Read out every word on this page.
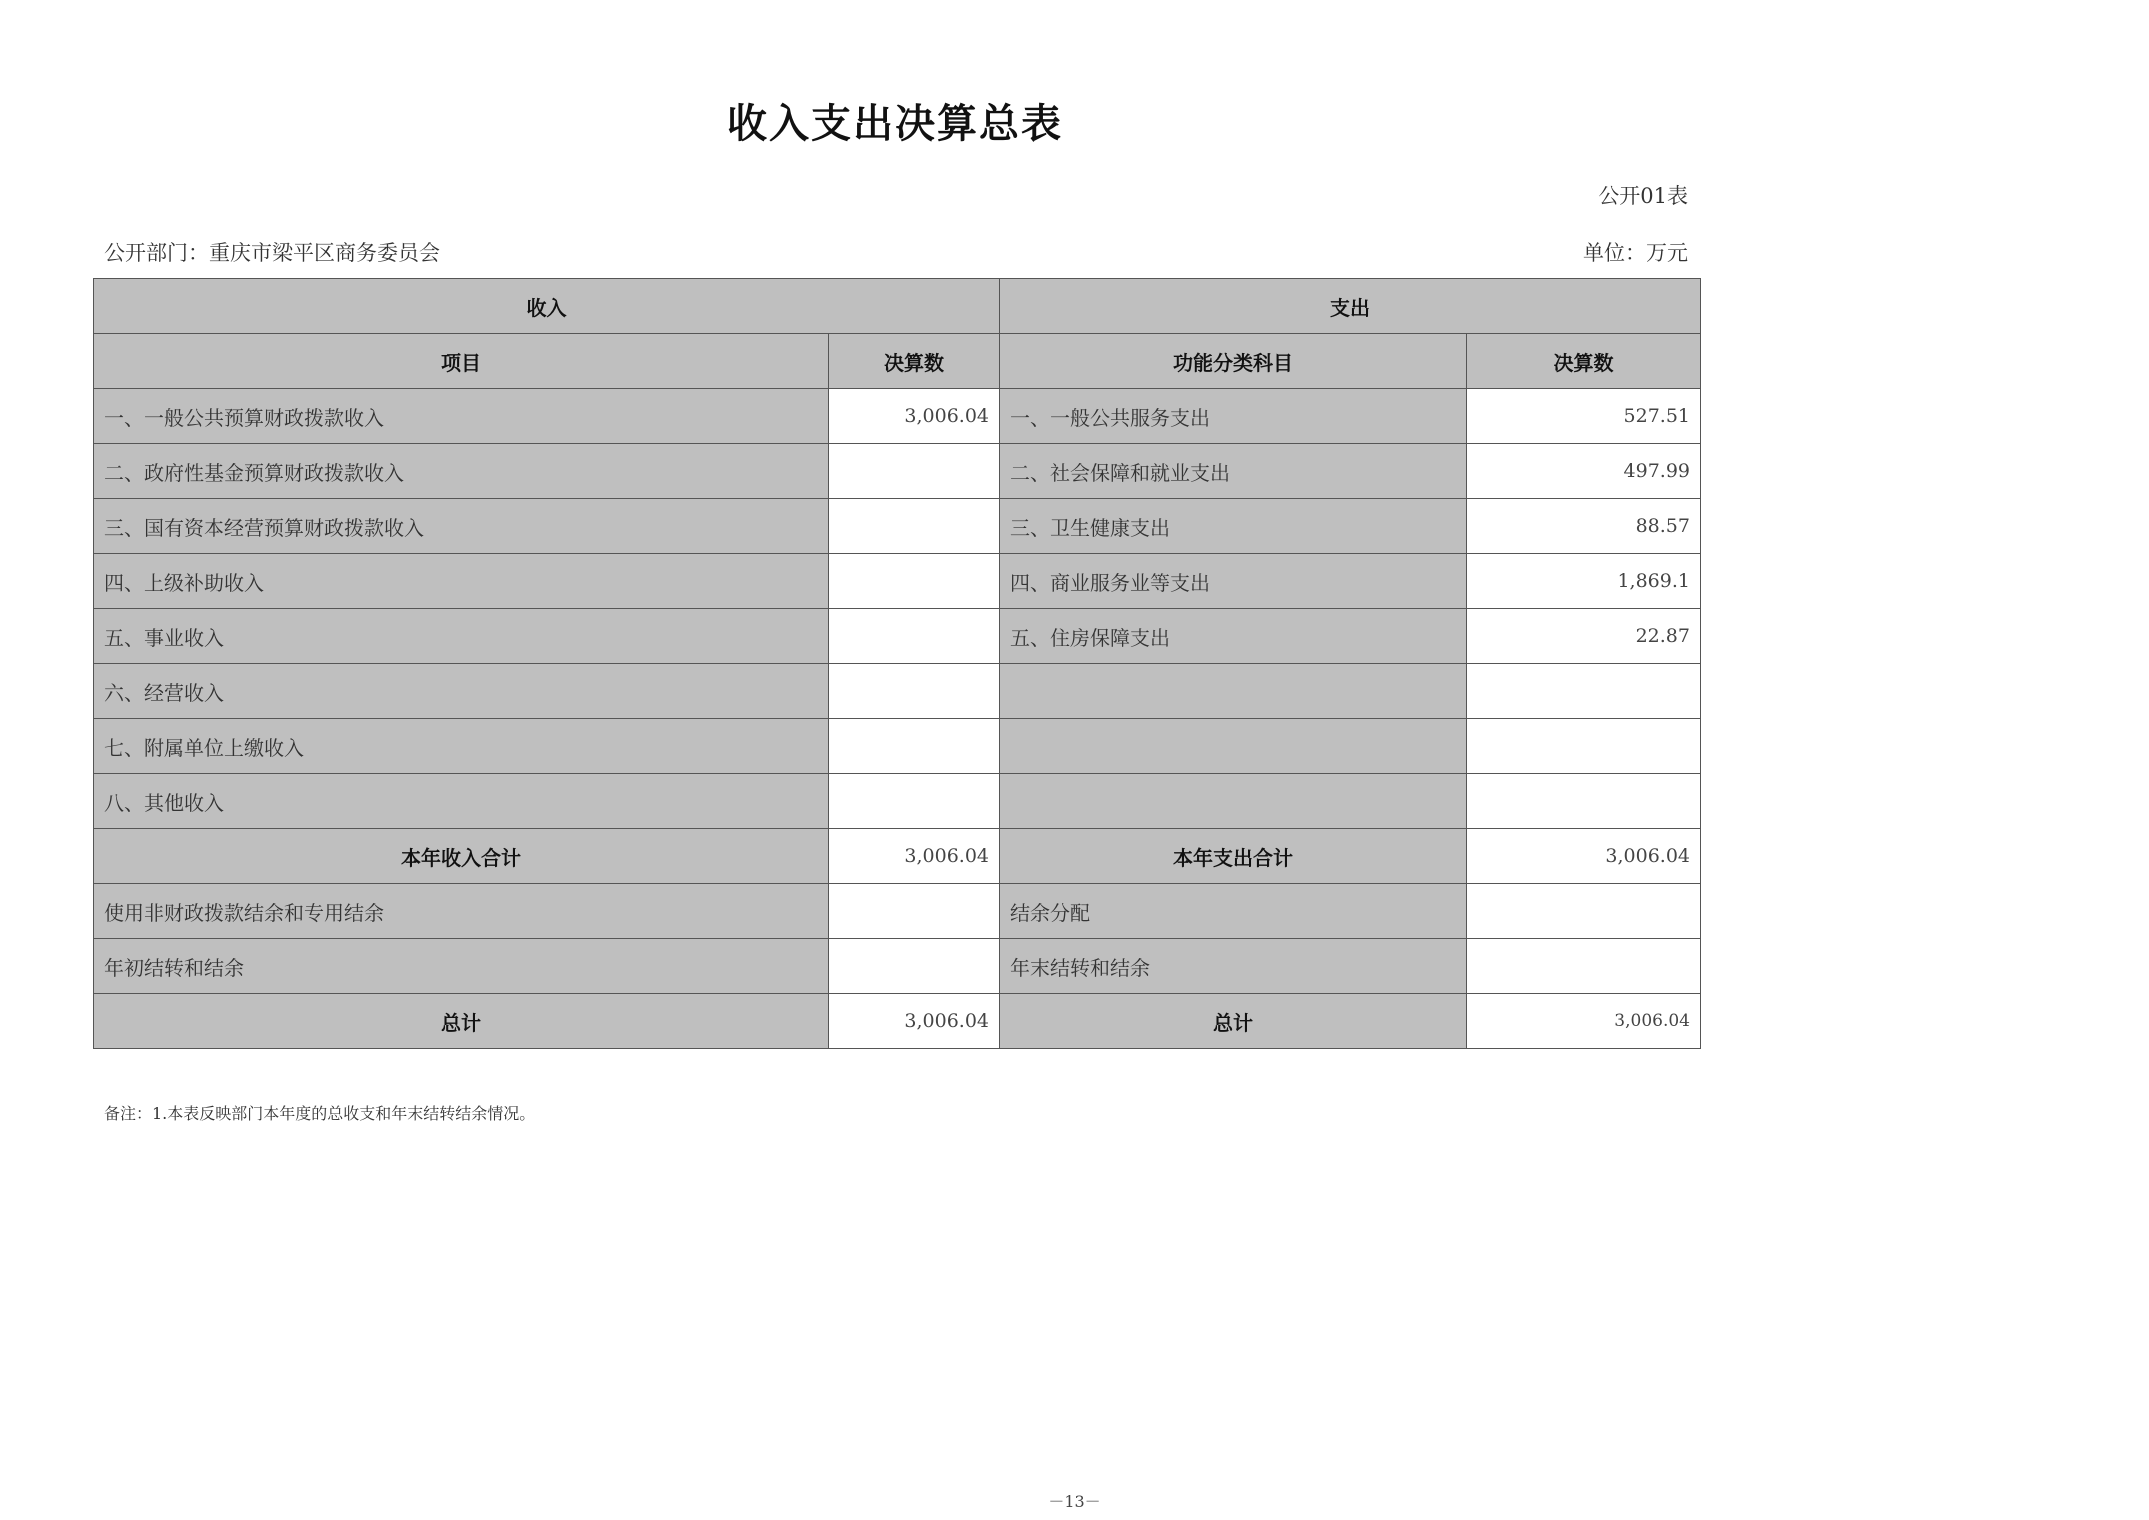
收入支出决算总表
公开01表
公开部门：重庆市梁平区商务委员会	单位：万元
收入		支出	
项目	决算数	功能分类科目	决算数
一、一般公共预算财政拨款收入	3,006.04	一、一般公共服务支出	527.51
二、政府性基金预算财政拨款收入		二、社会保障和就业支出	497.99
三、国有资本经营预算财政拨款收入		三、卫生健康支出	88.57
四、上级补助收入		四、商业服务业等支出	1,869.1
五、事业收入		五、住房保障支出	22.87
六、经营收入			
七、附属单位上缴收入			
八、其他收入			
本年收入合计	3,006.04	本年支出合计	3,006.04
使用非财政拨款结余和专用结余		结余分配	
年初结转和结余		年末结转和结余	
总计	3,006.04	总计	3,006.04
备注：1.本表反映部门本年度的总收支和年末结转结余情况。
－13－
